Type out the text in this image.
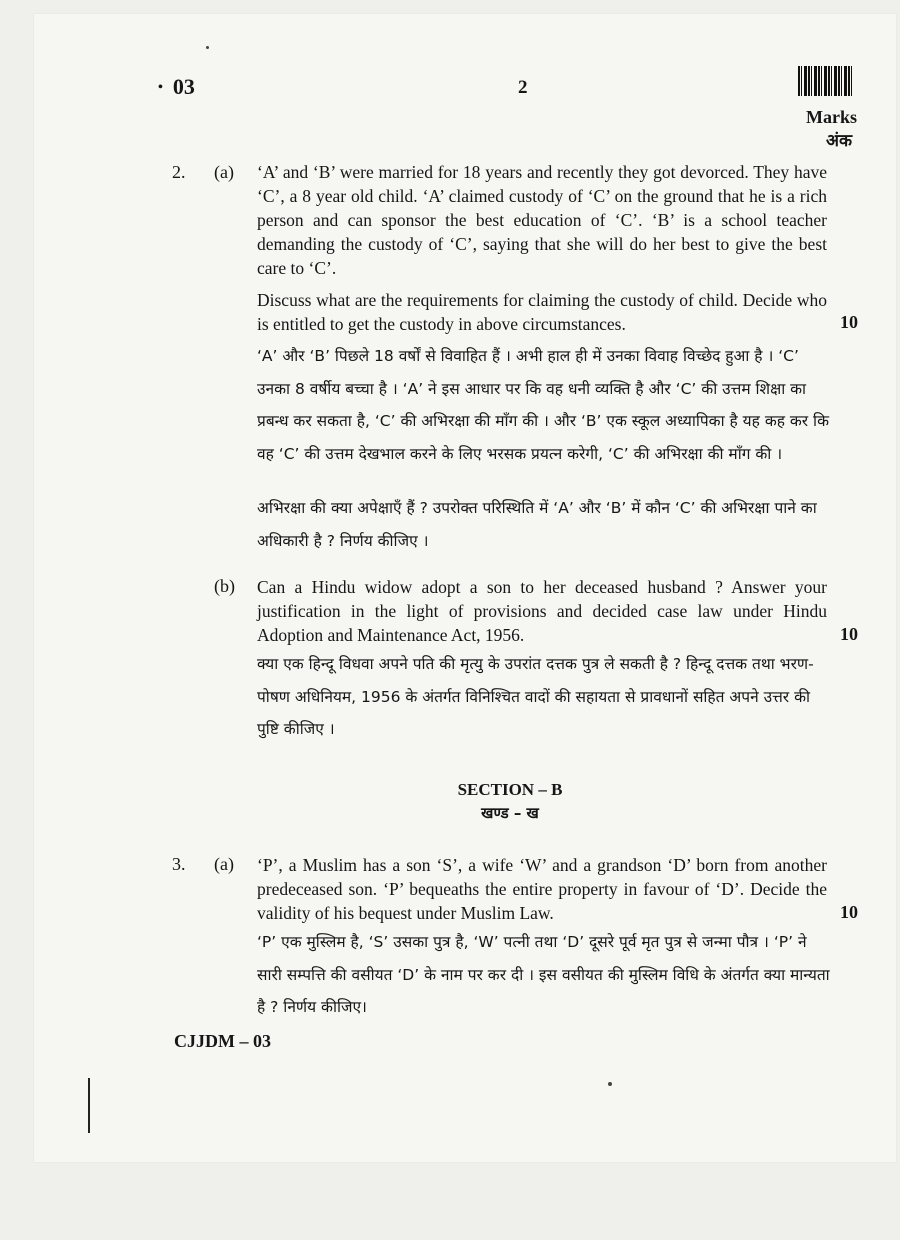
• 03	2
Marks
अंक
2. (a) ‘A’ and ‘B’ were married for 18 years and recently they got devorced. They have ‘C’, a 8 year old child. ‘A’ claimed custody of ‘C’ on the ground that he is a rich person and can sponsor the best education of ‘C’. ‘B’ is a school teacher demanding the custody of ‘C’, saying that she will do her best to give the best care to ‘C’.

Discuss what are the requirements for claiming the custody of child. Decide who is entitled to get the custody in above circumstances.	10

‘A’ और ‘B’ पिछले 18 वर्षों से विवाहित हैं । अभी हाल ही में उनका विवाह विच्छेद हुआ है । ‘C’ उनका 8 वर्षीय बच्चा है । ‘A’ ने इस आधार पर कि वह धनी व्यक्ति है और ‘C’ की उत्तम शिक्षा का प्रबन्ध कर सकता है, ‘C’ की अभिरक्षा की माँग की । और ‘B’ एक स्कूल अध्यापिका है यह कह कर कि वह ‘C’ की उत्तम देखभाल करने के लिए भरसक प्रयत्न करेगी, ‘C’ की अभिरक्षा की माँग की ।

अभिरक्षा की क्या अपेक्षाएँ हैं ? उपरोक्त परिस्थिति में ‘A’ और ‘B’ में कौन ‘C’ की अभिरक्षा पाने का अधिकारी है ? निर्णय कीजिए ।

(b) Can a Hindu widow adopt a son to her deceased husband ? Answer your justification in the light of provisions and decided case law under Hindu Adoption and Maintenance Act, 1956.	10

क्या एक हिन्दू विधवा अपने पति की मृत्यु के उपरांत दत्तक पुत्र ले सकती है ? हिन्दू दत्तक तथा भरण-पोषण अधिनियम, 1956 के अंतर्गत विनिश्चित वादों की सहायता से प्रावधानों सहित अपने उत्तर की पुष्टि कीजिए ।

SECTION – B
खण्ड – ख
3. (a) ‘P’, a Muslim has a son ‘S’, a wife ‘W’ and a grandson ‘D’ born from another predeceased son. ‘P’ bequeaths the entire property in favour of ‘D’. Decide the validity of his bequest under Muslim Law.	10

‘P’ एक मुस्लिम है, ‘S’ उसका पुत्र है, ‘W’ पत्नी तथा ‘D’ दूसरे पूर्व मृत पुत्र से जन्मा पौत्र । ‘P’ ने सारी सम्पत्ति की वसीयत ‘D’ के नाम पर कर दी । इस वसीयत की मुस्लिम विधि के अंतर्गत क्या मान्यता है ? निर्णय कीजिए।

CJJDM – 03
